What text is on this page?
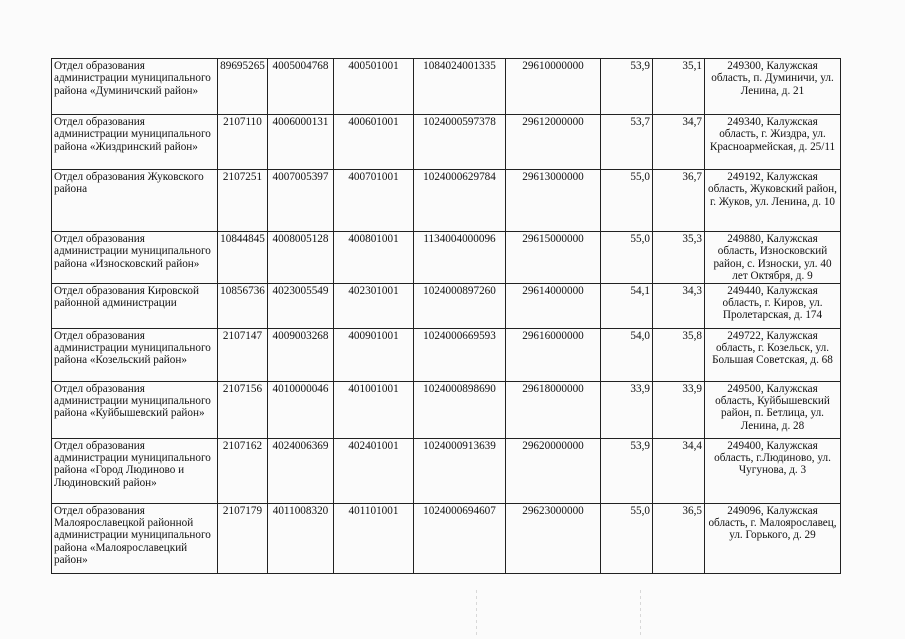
Отдел образования администрации муниципального района «Думиничский район»	89695265	4005004768	400501001	1084024001335	29610000000	53,9	35,1	249300, Калужская область, п. Думиничи, ул. Ленина, д. 21
Отдел образования администрации муниципального района «Жиздринский район»	2107110	4006000131	400601001	1024000597378	29612000000	53,7	34,7	249340, Калужская область, г. Жиздра, ул. Красноармейская, д. 25/11
Отдел образования Жуковского района	2107251	4007005397	400701001	1024000629784	29613000000	55,0	36,7	249192, Калужская область, Жуковский район, г. Жуков, ул. Ленина, д. 10
Отдел образования администрации муниципального района «Износковский район»	10844845	4008005128	400801001	1134004000096	29615000000	55,0	35,3	249880, Калужская область, Износковский район, с. Износки, ул. 40 лет Октября, д. 9
Отдел образования Кировской районной администрации	10856736	4023005549	402301001	1024000897260	29614000000	54,1	34,3	249440, Калужская область, г. Киров, ул. Пролетарская, д. 174
Отдел образования администрации муниципального района «Козельский район»	2107147	4009003268	400901001	1024000669593	29616000000	54,0	35,8	249722, Калужская область, г. Козельск, ул. Большая Советская, д. 68
Отдел образования администрации муниципального района «Куйбышевский район»	2107156	4010000046	401001001	1024000898690	29618000000	33,9	33,9	249500, Калужская область, Куйбышевский район, п. Бетлица, ул. Ленина, д. 28
Отдел образования администрации муниципального района «Город Людиново и Людиновский район»	2107162	4024006369	402401001	1024000913639	29620000000	53,9	34,4	249400, Калужская область, г.Людиново, ул. Чугунова, д. 3
Отдел образования Малоярославецкой районной администрации муниципального района «Малоярославецкий район»	2107179	4011008320	401101001	1024000694607	29623000000	55,0	36,5	249096, Калужская область, г. Малоярославец, ул. Горького, д. 29
